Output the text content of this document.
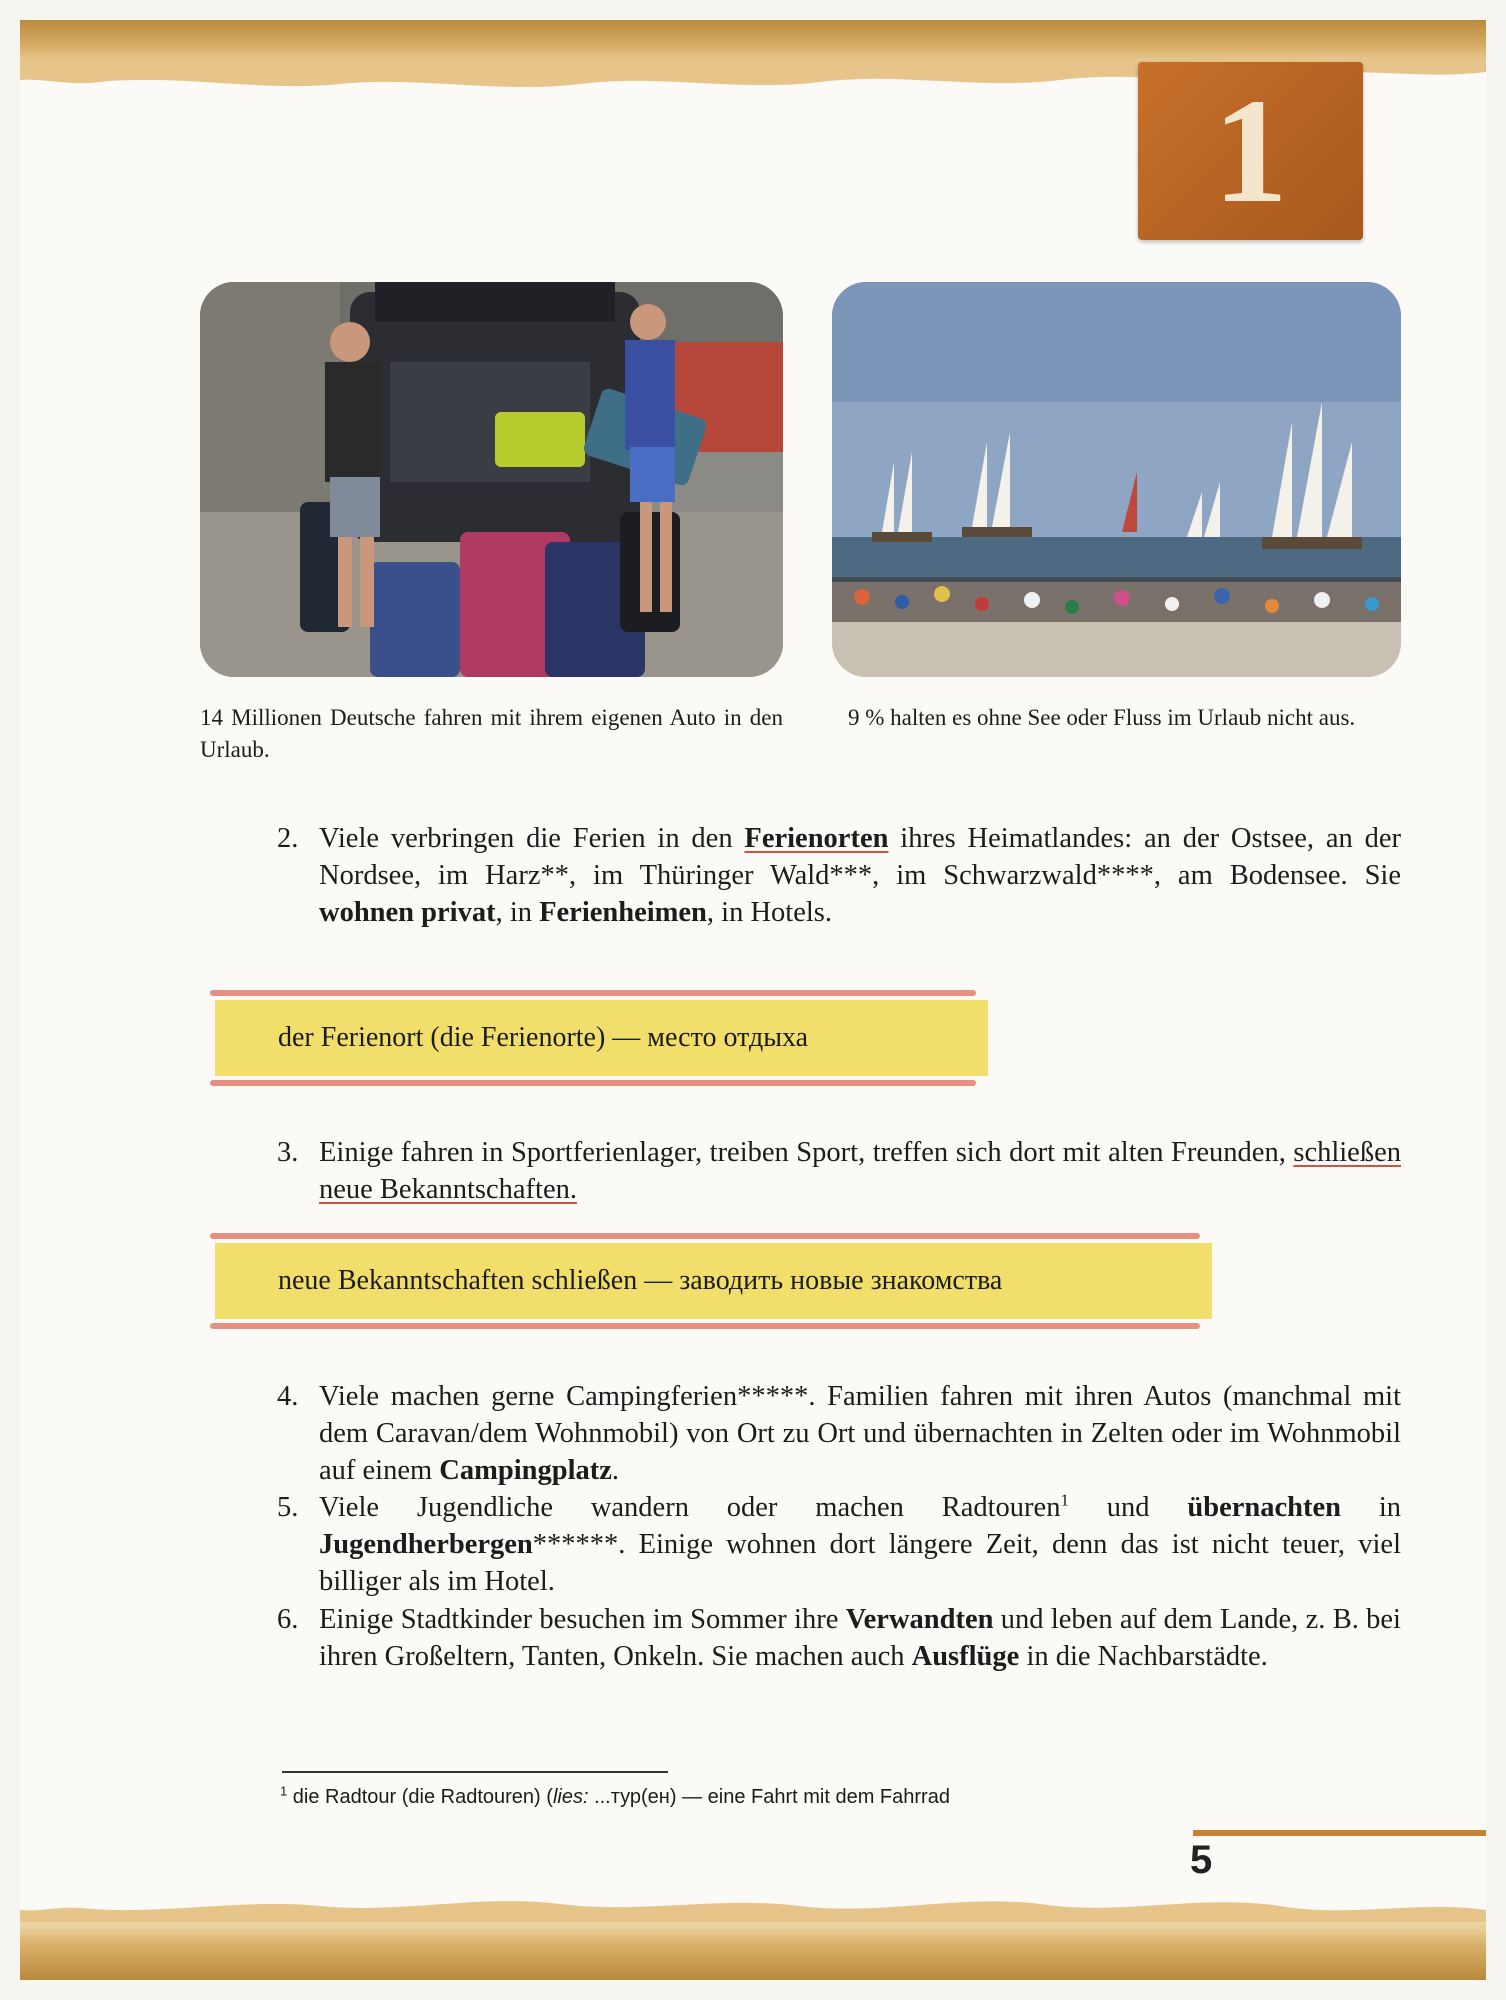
1

14 Millionen Deutsche fahren mit ihrem eigenen Auto in den Urlaub.

9 % halten es ohne See oder Fluss im Urlaub nicht aus.

2. Viele verbringen die Ferien in den Ferienorten ihres Heimatlandes: an der Ostsee, an der Nordsee, im Harz**, im Thüringer Wald***, im Schwarzwald****, am Bodensee. Sie wohnen privat, in Ferienheimen, in Hotels.

der Ferienort (die Ferienorte) — место отдыха

3. Einige fahren in Sportferienlager, treiben Sport, treffen sich dort mit alten Freunden, schließen neue Bekanntschaften.

neue Bekanntschaften schließen — заводить новые знакомства

4. Viele machen gerne Campingferien*****. Familien fahren mit ihren Autos (manchmal mit dem Caravan/dem Wohnmobil) von Ort zu Ort und übernachten in Zelten oder im Wohnmobil auf einem Campingplatz.

5. Viele Jugendliche wandern oder machen Radtouren$^1$ und übernachten in Jugendherbergen******. Einige wohnen dort längere Zeit, denn das ist nicht teuer, viel billiger als im Hotel.

6. Einige Stadtkinder besuchen im Sommer ihre Verwandten und leben auf dem Lande, z. B. bei ihren Großeltern, Tanten, Onkeln. Sie machen auch Ausflüge in die Nachbarstädte.

$^1$ die Radtour (die Radtouren) (lies: ...тур(ен) — eine Fahrt mit dem Fahrrad
5
